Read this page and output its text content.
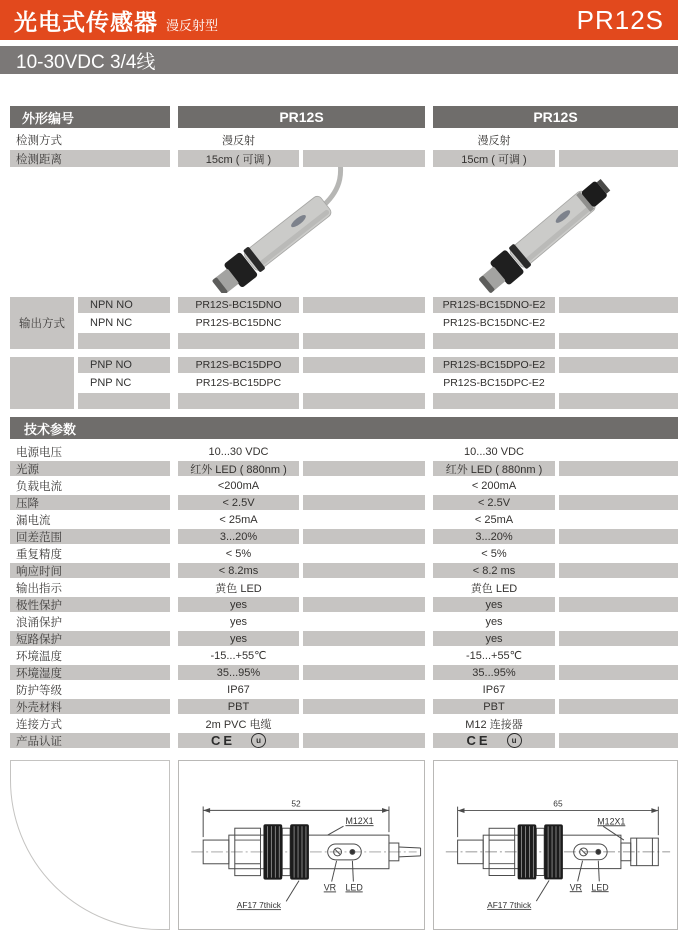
光电式传感器 漫反射型	PR12S
10-30VDC 3/4线
外形编号	PR12S	PR12S
检测方式	漫反射	漫反射
检测距离	15cm ( 可调 )	15cm ( 可调 )
输出方式
NPN NO	PR12S-BC15DNO	PR12S-BC15DNO-E2
NPN NC	PR12S-BC15DNC	PR12S-BC15DNC-E2
PNP NO	PR12S-BC15DPO	PR12S-BC15DPO-E2
PNP NC	PR12S-BC15DPC	PR12S-BC15DPC-E2
技术参数
电源电压	10...30 VDC	10...30 VDC
光源	红外 LED ( 880nm )	红外 LED ( 880nm )
负载电流	<200mA	< 200mA
压降	< 2.5V	< 2.5V
漏电流	< 25mA	< 25mA
回差范围	3...20%	3...20%
重复精度	< 5%	< 5%
响应时间	< 8.2ms	< 8.2 ms
输出指示	黄色 LED	黄色 LED
极性保护	yes	yes
浪涌保护	yes	yes
短路保护	yes	yes
环境温度	-15...+55℃	-15...+55℃
环境湿度	35...95%	35...95%
防护等级	IP67	IP67
外壳材料	PBT	PBT
连接方式	2m PVC 电缆	M12 连接器
产品认证	CE	u	CE	u
52
M12X1
VR LED
AF17 7thick
65
M12X1
VR LED
AF17 7thick
